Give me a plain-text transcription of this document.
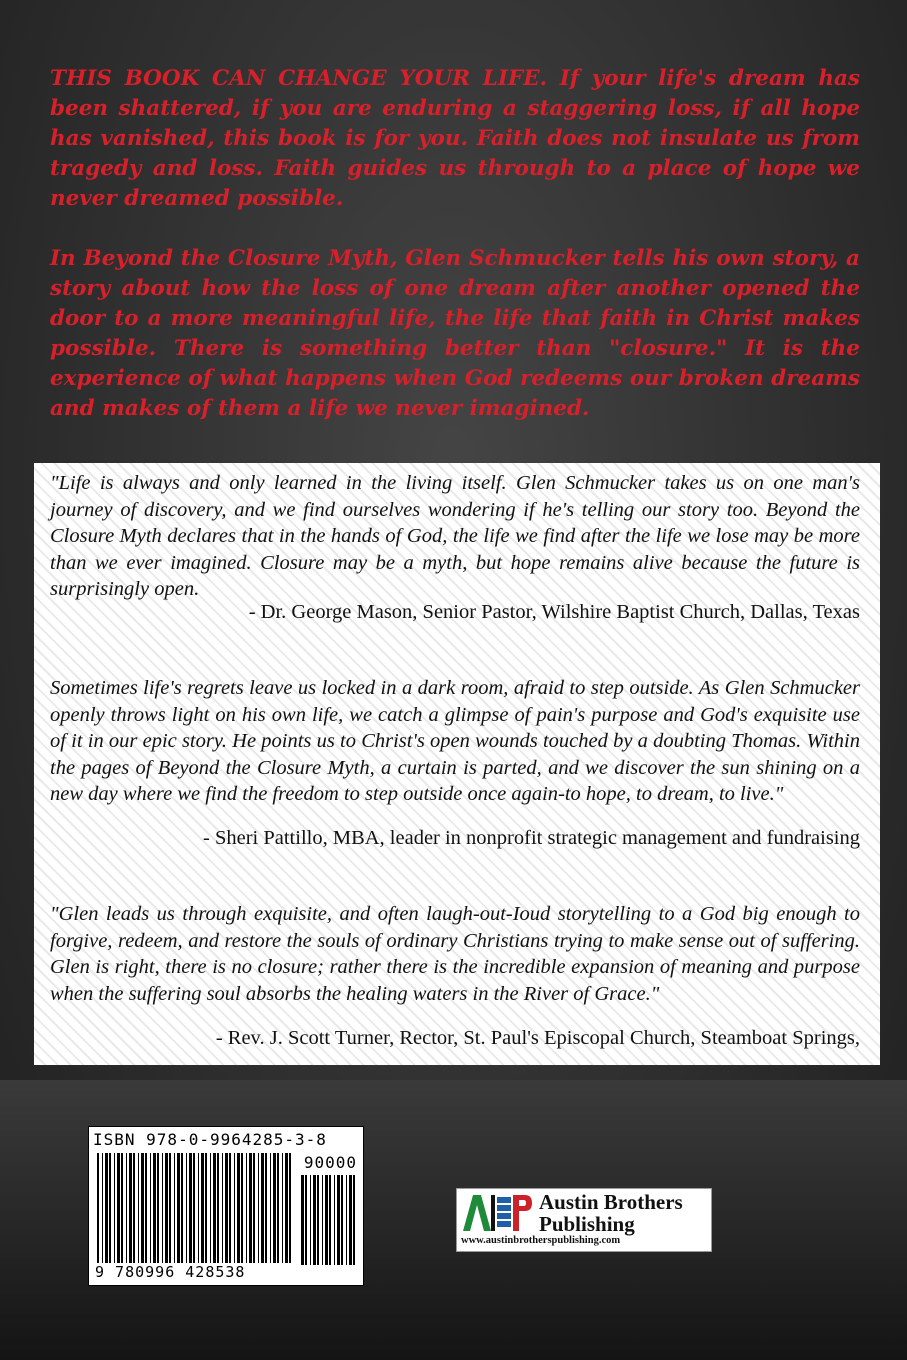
THIS BOOK CAN CHANGE YOUR LIFE. If your life's dream has been shattered, if you are enduring a staggering loss, if all hope has vanished, this book is for you. Faith does not insulate us from tragedy and loss. Faith guides us through to a place of hope we never dreamed possible.

In Beyond the Closure Myth, Glen Schmucker tells his own story, a story about how the loss of one dream after another opened the door to a more meaningful life, the life that faith in Christ makes possible. There is something better than "closure." It is the experience of what happens when God redeems our broken dreams and makes of them a life we never imagined.

"Life is always and only learned in the living itself. Glen Schmucker takes us on one man's journey of discovery, and we find ourselves wondering if he's telling our story too. Beyond the Closure Myth declares that in the hands of God, the life we find after the life we lose may be more than we ever imagined. Closure may be a myth, but hope remains alive because the future is surprisingly open.

- Dr. George Mason, Senior Pastor, Wilshire Baptist Church, Dallas, Texas

Sometimes life's regrets leave us locked in a dark room, afraid to step outside. As Glen Schmucker openly throws light on his own life, we catch a glimpse of pain's purpose and God's exquisite use of it in our epic story. He points us to Christ's open wounds touched by a doubting Thomas. Within the pages of Beyond the Closure Myth, a curtain is parted, and we discover the sun shining on a new day where we find the freedom to step outside once again-to hope, to dream, to live."

- Sheri Pattillo, MBA, leader in nonprofit strategic management and fundraising

"Glen leads us through exquisite, and often laugh-out-Ioud storytelling to a God big enough to forgive, redeem, and restore the souls of ordinary Christians trying to make sense out of suffering. Glen is right, there is no closure; rather there is the incredible expansion of meaning and purpose when the suffering soul absorbs the healing waters in the River of Grace."

- Rev. J. Scott Turner, Rector, St. Paul's Episcopal Church, Steamboat Springs,

ISBN 978-0-9964285-3-8
90000
9 780996 428538
Austin Brothers
Publishing
www.austinbrotherspublishing.com
